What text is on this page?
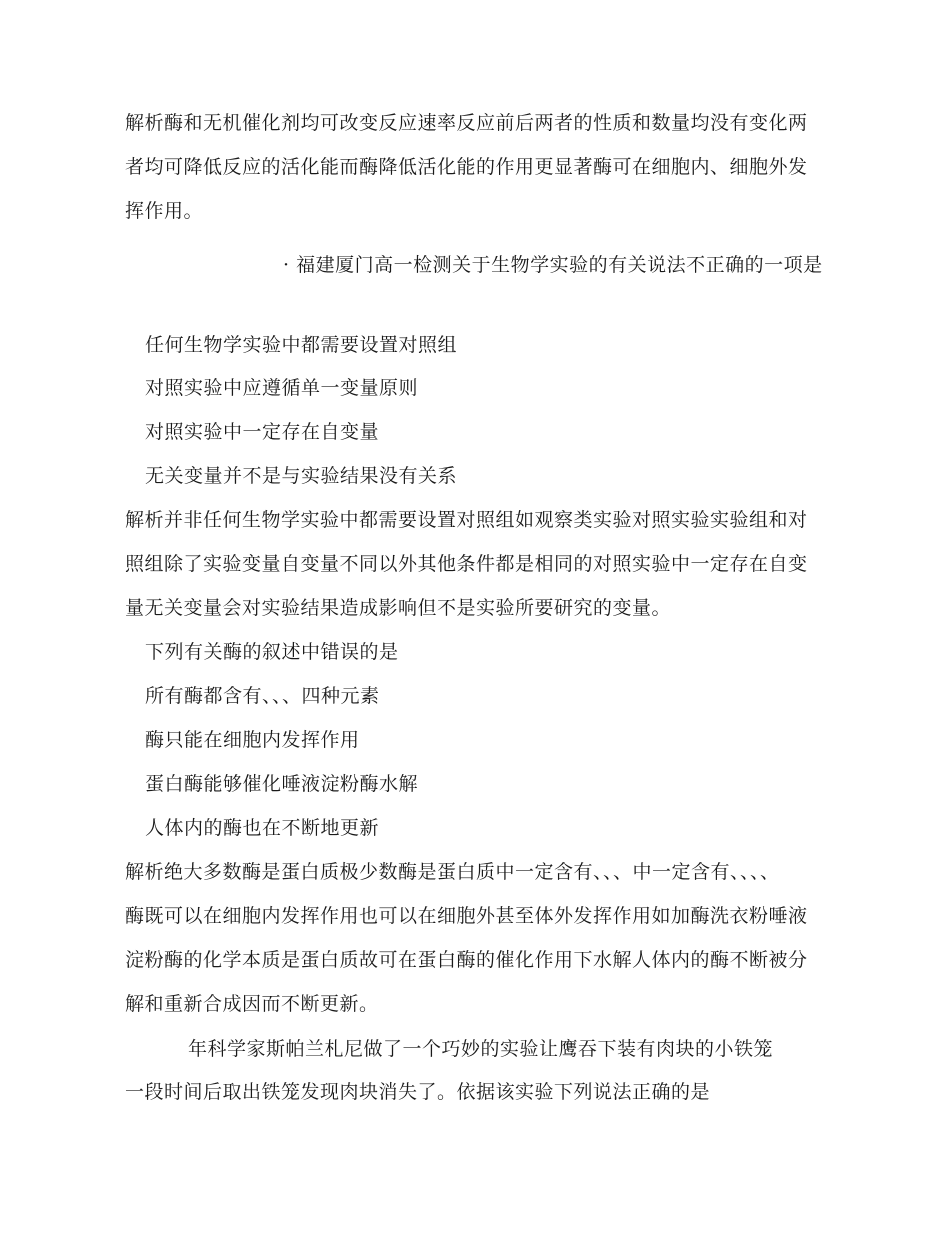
解析酶和无机催化剂均可改变反应速率反应前后两者的性质和数量均没有变化两
者均可降低反应的活化能而酶降低活化能的作用更显著酶可在细胞内、细胞外发
挥作用。
· 福建厦门高一检测关于生物学实验的有关说法不正确的一项是
任何生物学实验中都需要设置对照组
对照实验中应遵循单一变量原则
对照实验中一定存在自变量
无关变量并不是与实验结果没有关系
解析并非任何生物学实验中都需要设置对照组如观察类实验对照实验实验组和对
照组除了实验变量自变量不同以外其他条件都是相同的对照实验中一定存在自变
量无关变量会对实验结果造成影响但不是实验所要研究的变量。
下列有关酶的叙述中错误的是
所有酶都含有、、、四种元素
酶只能在细胞内发挥作用
蛋白酶能够催化唾液淀粉酶水解
人体内的酶也在不断地更新
解析绝大多数酶是蛋白质极少数酶是蛋白质中一定含有、、、中一定含有、、、、
酶既可以在细胞内发挥作用也可以在细胞外甚至体外发挥作用如加酶洗衣粉唾液
淀粉酶的化学本质是蛋白质故可在蛋白酶的催化作用下水解人体内的酶不断被分
解和重新合成因而不断更新。
年科学家斯帕兰札尼做了一个巧妙的实验让鹰吞下装有肉块的小铁笼
一段时间后取出铁笼发现肉块消失了。依据该实验下列说法正确的是
